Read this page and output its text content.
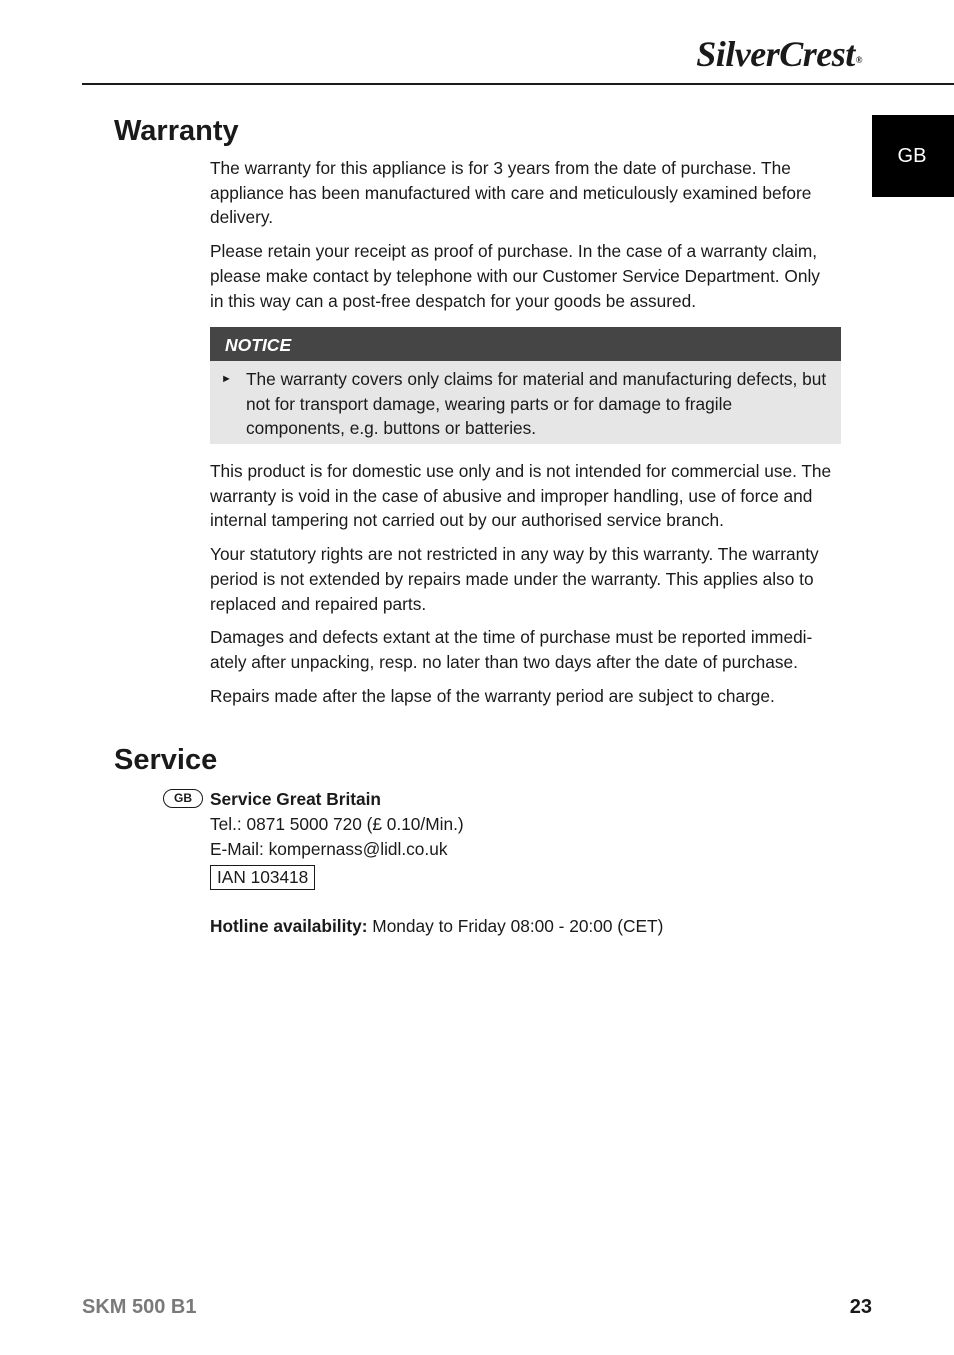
SilverCrest®
GB
Warranty

The warranty for this appliance is for 3 years from the date of purchase. The appliance has been manufactured with care and meticulously examined before delivery.

Please retain your receipt as proof of purchase. In the case of a warranty claim, please make contact by telephone with our Customer Service Department. Only in this way can a post-free despatch for your goods be assured.

NOTICE
► The warranty covers only claims for material and manufacturing defects, but not for transport damage, wearing parts or for damage to fragile components, e.g. buttons or batteries.

This product is for domestic use only and is not intended for commercial use. The warranty is void in the case of abusive and improper handling, use of force and internal tampering not carried out by our authorised service branch.

Your statutory rights are not restricted in any way by this warranty. The warranty period is not extended by repairs made under the warranty. This applies also to replaced and repaired parts.

Damages and defects extant at the time of purchase must be reported immedi-ately after unpacking, resp. no later than two days after the date of purchase.

Repairs made after the lapse of the warranty period are subject to charge.

Service
GB	Service Great Britain
Tel.: 0871 5000 720 (£ 0.10/Min.)
E-Mail: kompernass@lidl.co.uk
IAN 103418
Hotline availability: Monday to Friday 08:00 - 20:00 (CET)
SKM 500 B1	23
